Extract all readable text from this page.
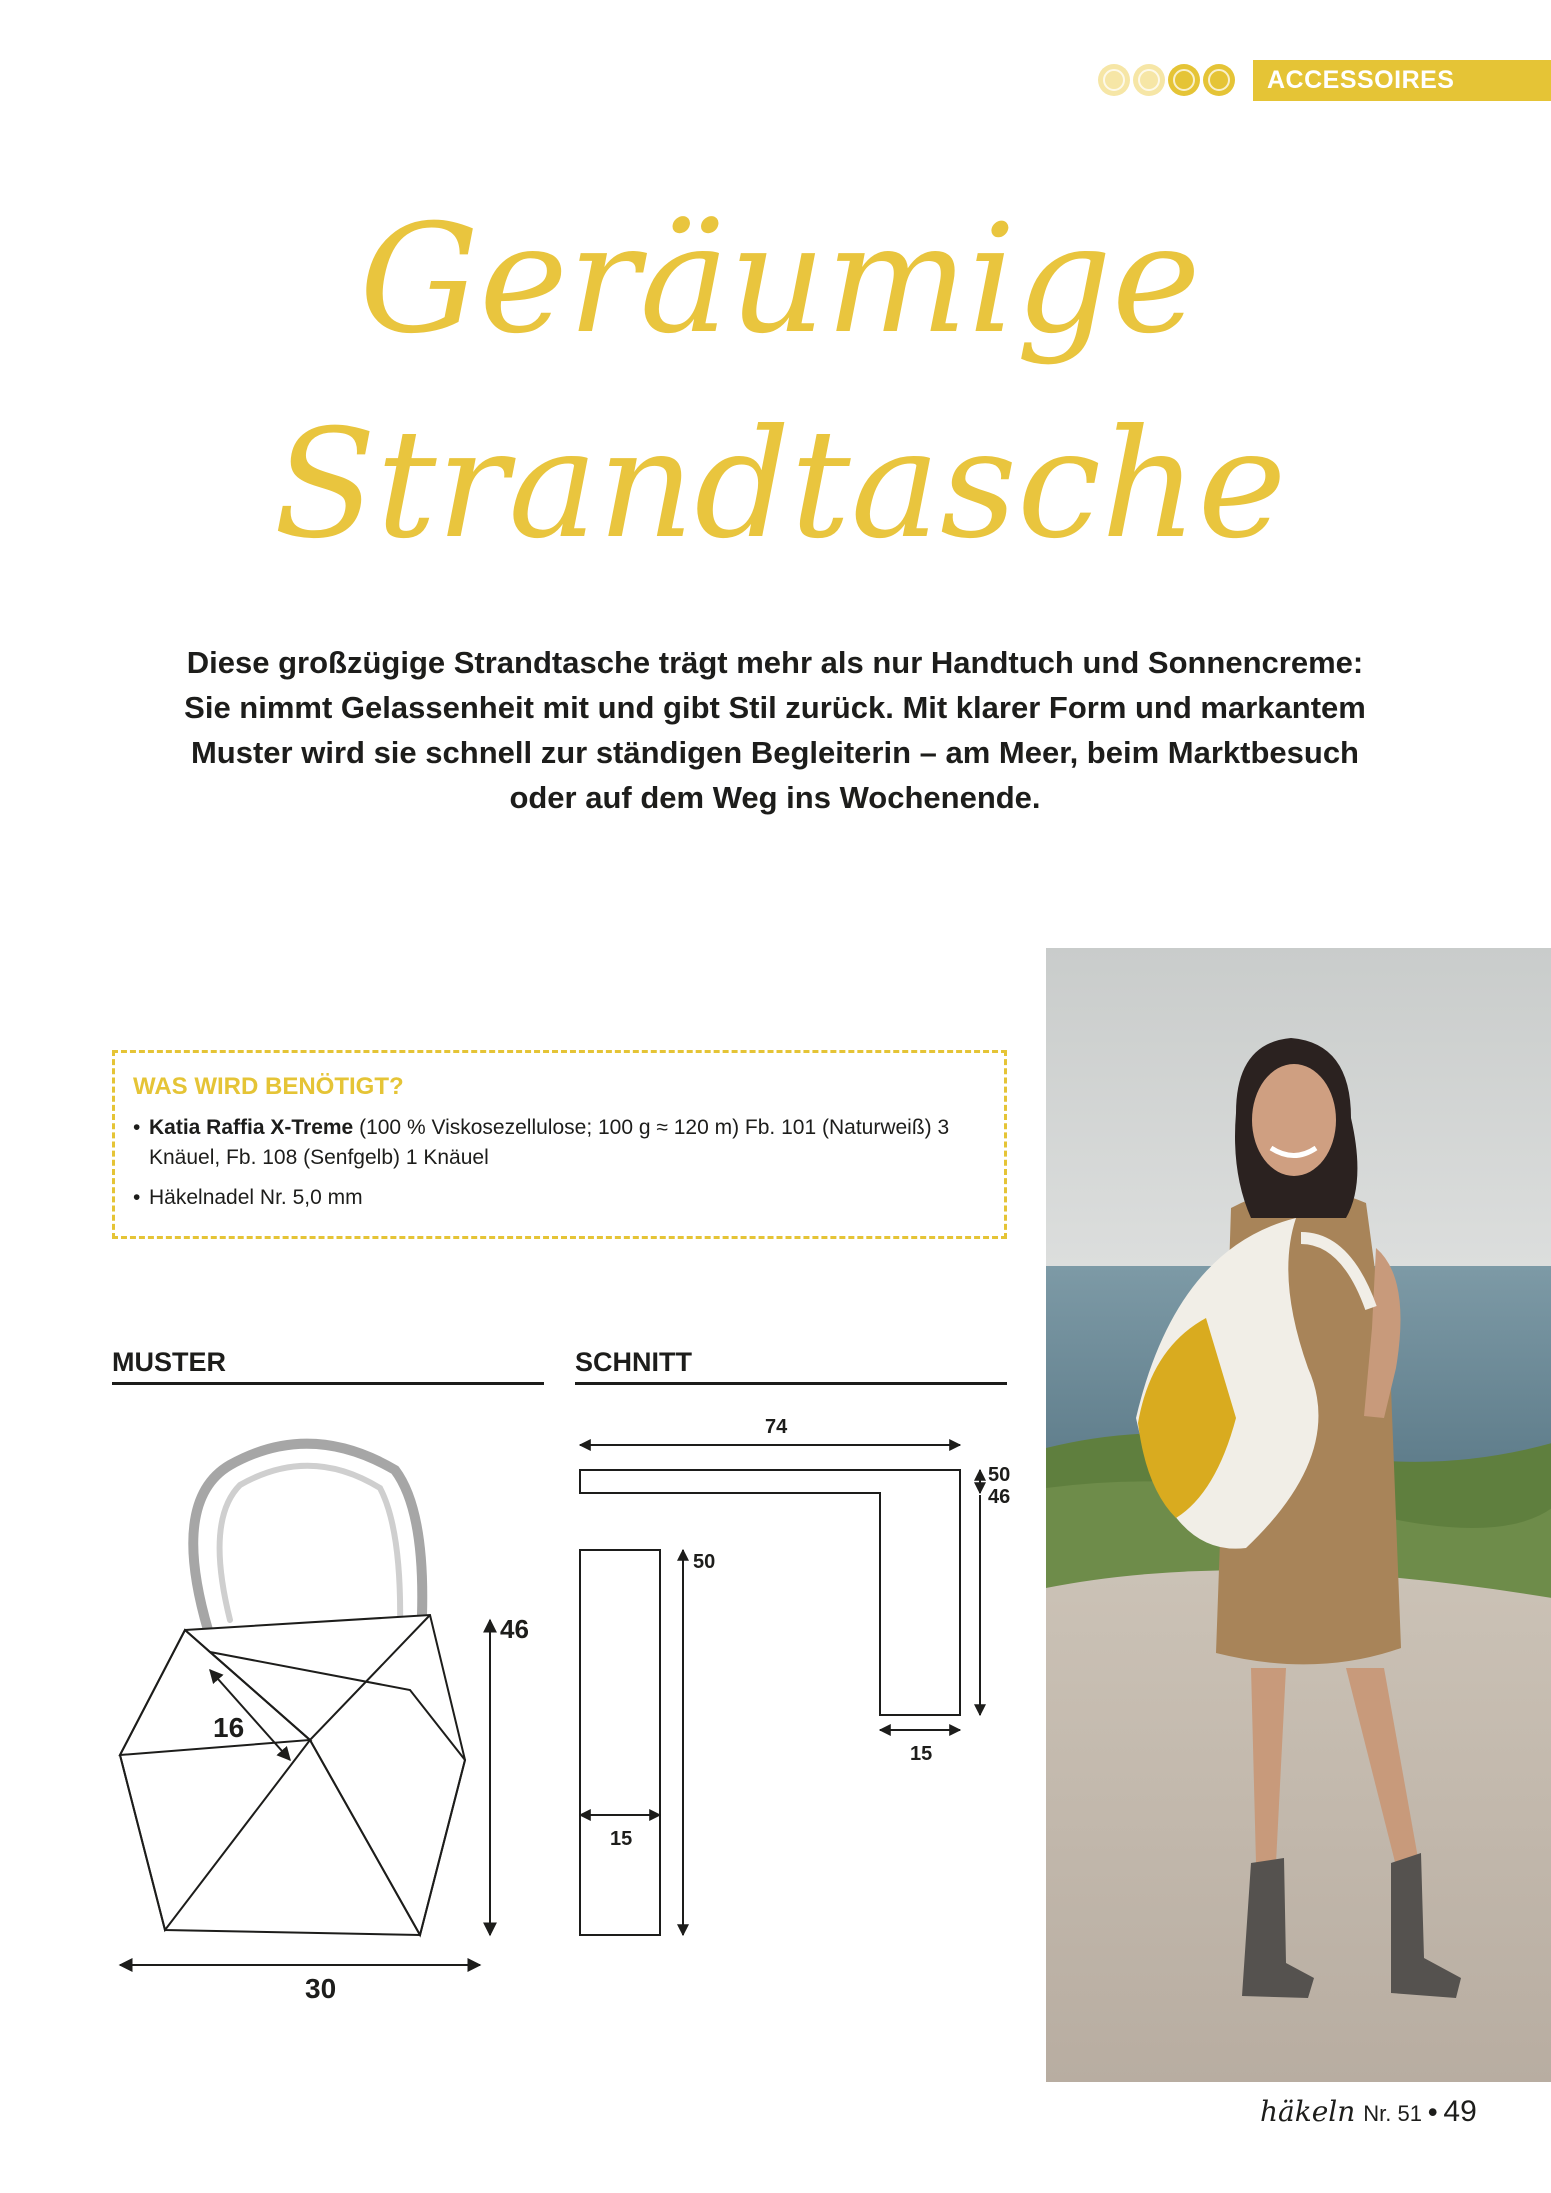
ACCESSOIRES
Geräumige
Strandtasche
Diese großzügige Strandtasche trägt mehr als nur Handtuch und Sonnencreme: Sie nimmt Gelassenheit mit und gibt Stil zurück. Mit klarer Form und markantem Muster wird sie schnell zur ständigen Begleiterin – am Meer, beim Marktbesuch oder auf dem Weg ins Wochenende.
WAS WIRD BENÖTIGT?
• Katia Raffia X-Treme (100 % Viskosezellulose; 100 g ≈ 120 m) Fb. 101 (Naturweiß) 3 Knäuel, Fb. 108 (Senfgelb) 1 Knäuel
• Häkelnadel Nr. 5,0 mm
MUSTER	SCHNITT
46
16
30
74
50
46
50
15
15
häkeln Nr. 51 • 49
